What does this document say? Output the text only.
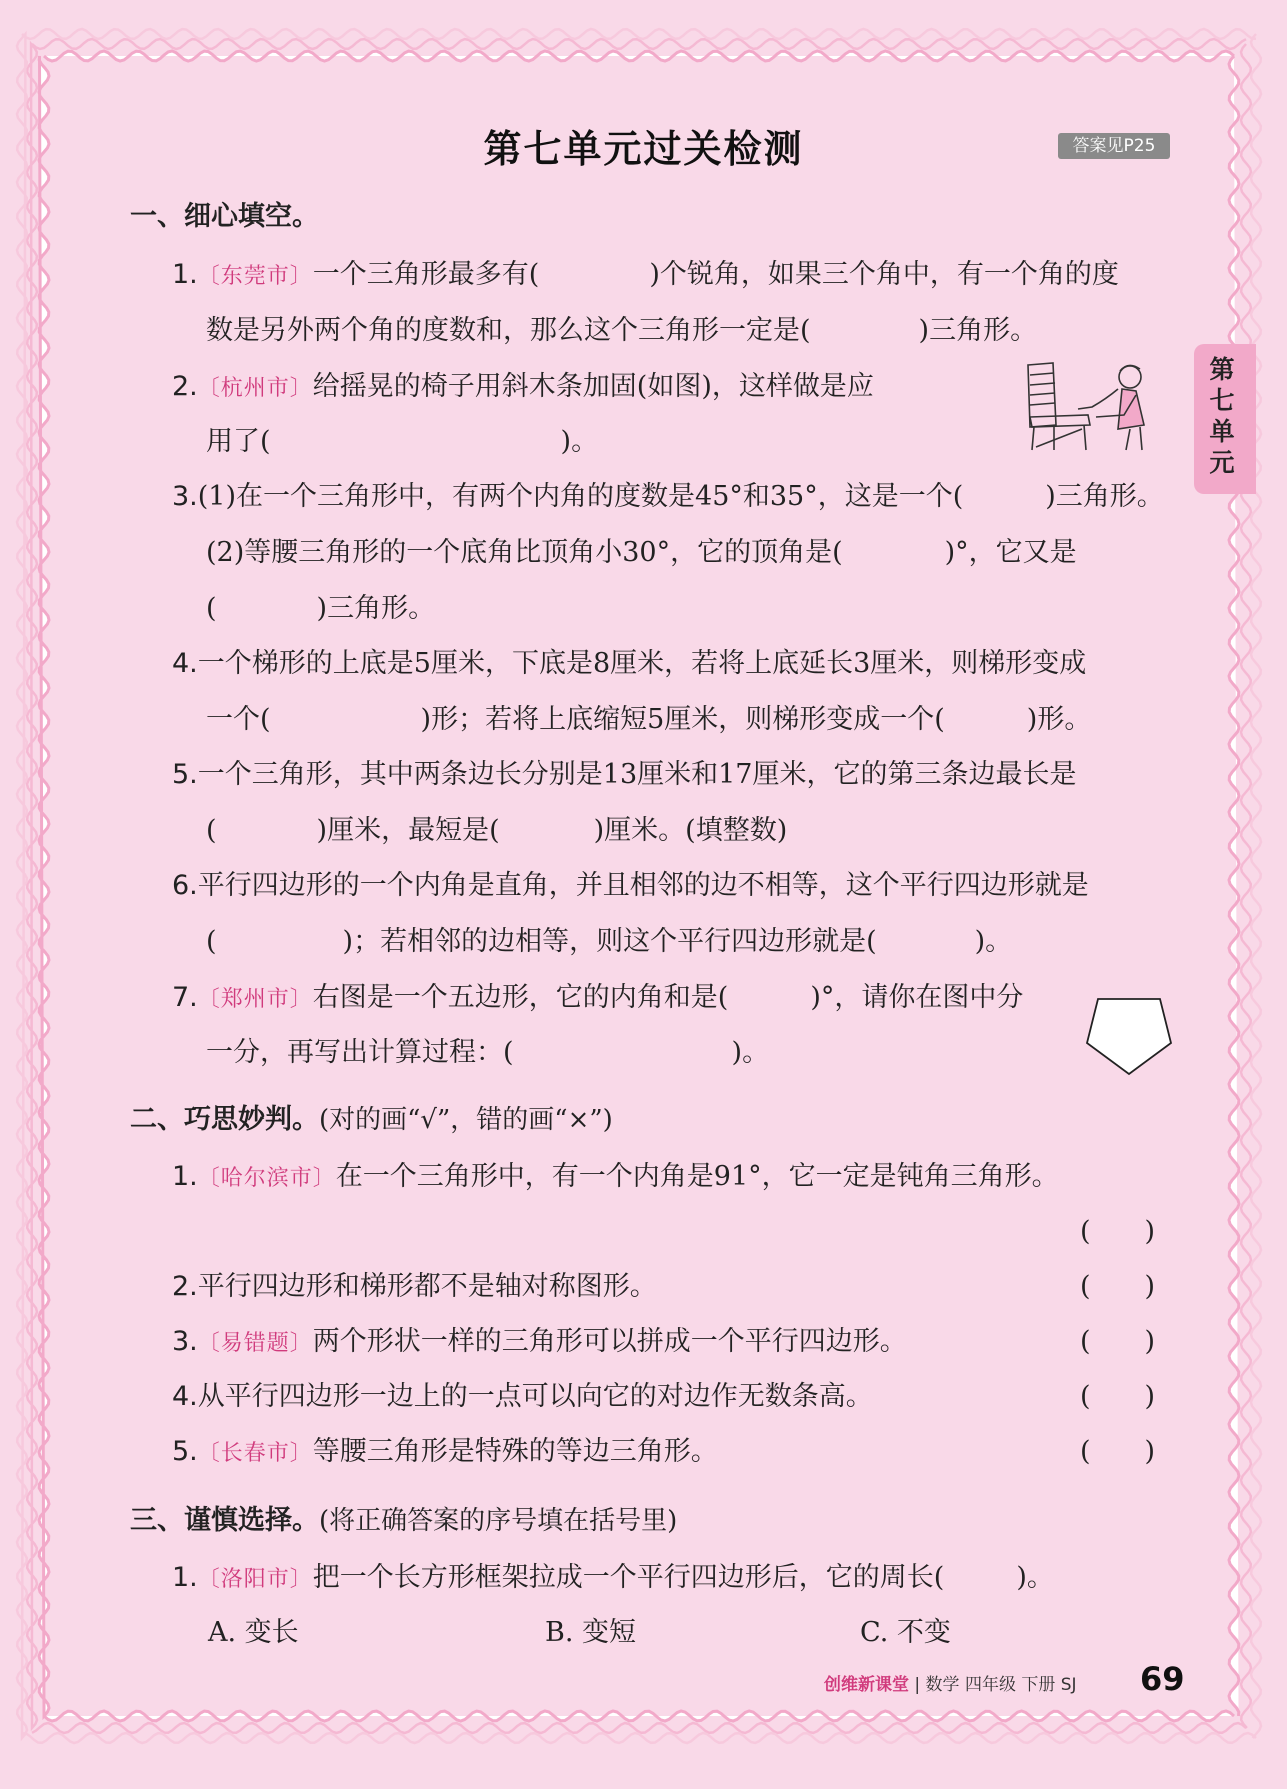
第七单元过关检测	答案见P25
第
七
单
元
一、细心填空。
1.〔东莞市〕一个三角形最多有(	)个锐角，如果三个角中，有一个角的度
数是另外两个角的度数和，那么这个三角形一定是(	)三角形。
2.〔杭州市〕给摇晃的椅子用斜木条加固(如图)，这样做是应
用了(	)。
3.(1)在一个三角形中，有两个内角的度数是45°和35°，这是一个(	)三角形。
(2)等腰三角形的一个底角比顶角小30°，它的顶角是(	)°，它又是
(	)三角形。
4.一个梯形的上底是5厘米，下底是8厘米，若将上底延长3厘米，则梯形变成
一个(	)形；若将上底缩短5厘米，则梯形变成一个(	)形。
5.一个三角形，其中两条边长分别是13厘米和17厘米，它的第三条边最长是
(	)厘米，最短是(	)厘米。(填整数)
6.平行四边形的一个内角是直角，并且相邻的边不相等，这个平行四边形就是
(	)；若相邻的边相等，则这个平行四边形就是(	)。
7.〔郑州市〕右图是一个五边形，它的内角和是(	)°，请你在图中分
一分，再写出计算过程：(	)。
二、巧思妙判。(对的画“√”，错的画“×”)
1.〔哈尔滨市〕在一个三角形中，有一个内角是91°，它一定是钝角三角形。
(　　)
2.平行四边形和梯形都不是轴对称图形。	(　　)
3.〔易错题〕两个形状一样的三角形可以拼成一个平行四边形。	(　　)
4.从平行四边形一边上的一点可以向它的对边作无数条高。	(　　)
5.〔长春市〕等腰三角形是特殊的等边三角形。	(　　)
三、谨慎选择。(将正确答案的序号填在括号里)
1.〔洛阳市〕把一个长方形框架拉成一个平行四边形后，它的周长(	)。
A. 变长	B. 变短	C. 不变
创维新课堂 | 数学 四年级 下册 SJ 69
